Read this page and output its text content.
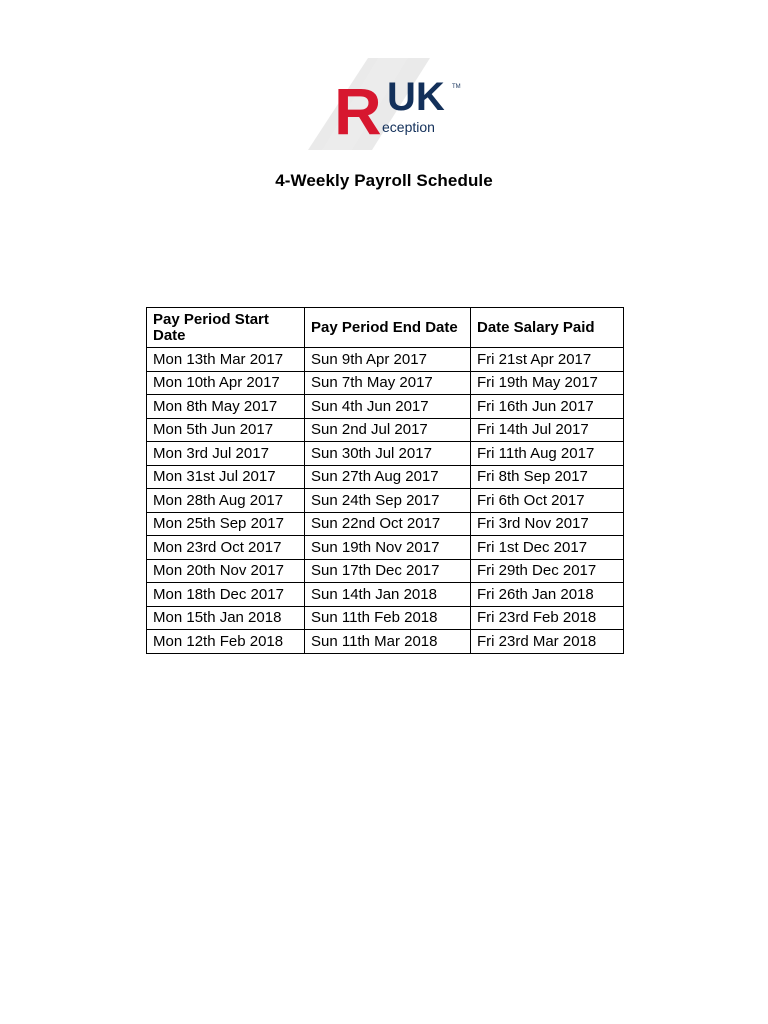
R UK TM
eception
4-Weekly Payroll Schedule
Pay Period Start Date	Pay Period End Date	Date Salary Paid
Mon 13th Mar 2017	Sun 9th Apr 2017	Fri 21st Apr 2017
Mon 10th Apr 2017	Sun 7th May 2017	Fri 19th May 2017
Mon 8th May 2017	Sun 4th Jun 2017	Fri 16th Jun 2017
Mon 5th Jun 2017	Sun 2nd Jul 2017	Fri 14th Jul 2017
Mon 3rd Jul 2017	Sun 30th Jul 2017	Fri 11th Aug 2017
Mon 31st Jul 2017	Sun 27th Aug 2017	Fri 8th Sep 2017
Mon 28th Aug 2017	Sun 24th Sep 2017	Fri 6th Oct 2017
Mon 25th Sep 2017	Sun 22nd Oct 2017	Fri 3rd Nov 2017
Mon 23rd Oct 2017	Sun 19th Nov 2017	Fri 1st Dec 2017
Mon 20th Nov 2017	Sun 17th Dec 2017	Fri 29th Dec 2017
Mon 18th Dec 2017	Sun 14th Jan 2018	Fri 26th Jan 2018
Mon 15th Jan 2018	Sun 11th Feb 2018	Fri 23rd Feb 2018
Mon 12th Feb 2018	Sun 11th Mar 2018	Fri 23rd Mar 2018
